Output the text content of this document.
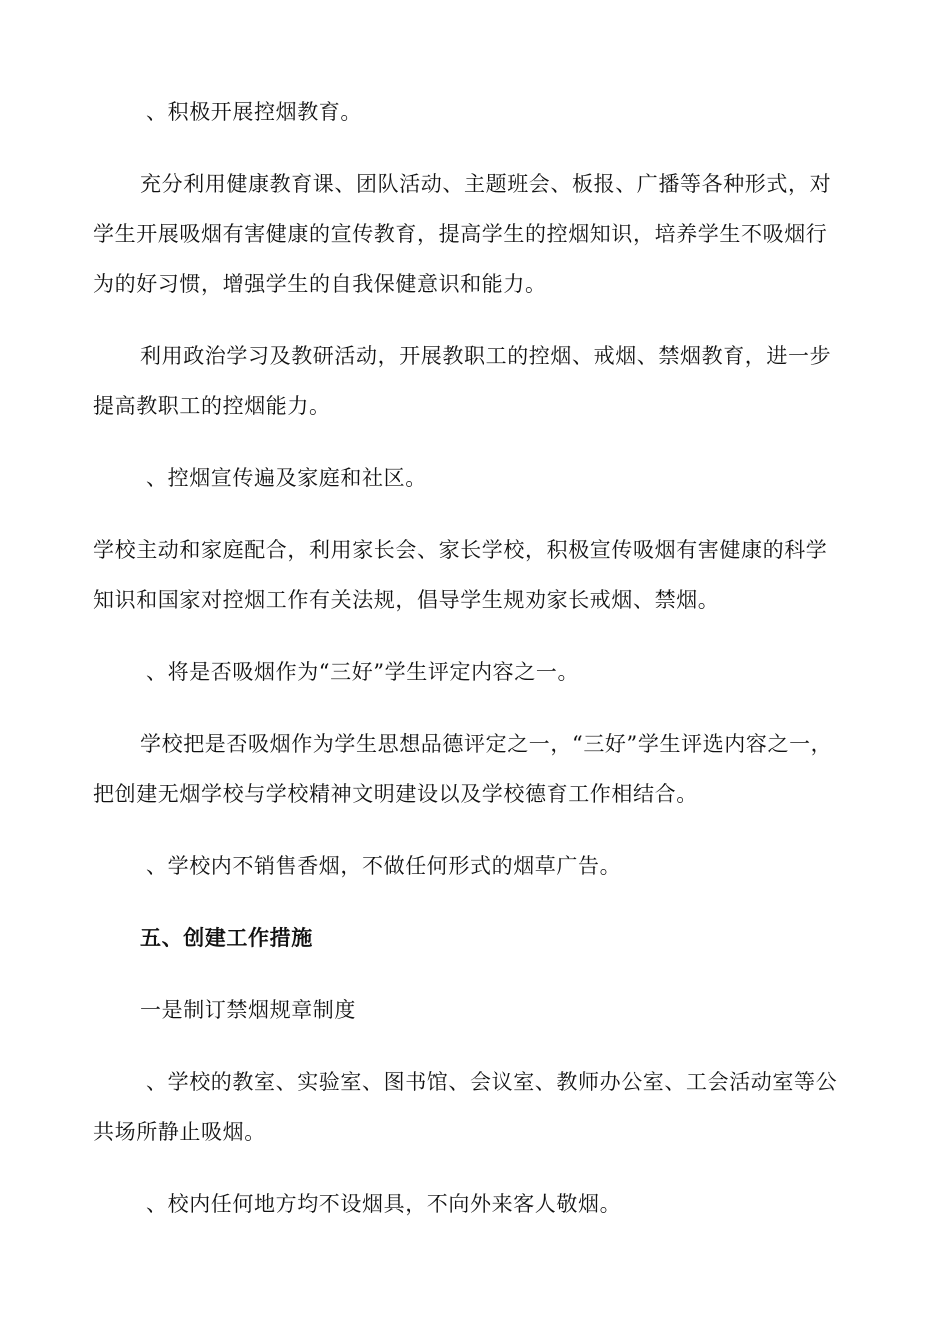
、积极开展控烟教育。
充分利用健康教育课、团队活动、主题班会、板报、广播等各种形式，对
学生开展吸烟有害健康的宣传教育，提高学生的控烟知识，培养学生不吸烟行
为的好习惯，增强学生的自我保健意识和能力。
利用政治学习及教研活动，开展教职工的控烟、戒烟、禁烟教育，进一步
提高教职工的控烟能力。
、控烟宣传遍及家庭和社区。
学校主动和家庭配合，利用家长会、家长学校，积极宣传吸烟有害健康的科学
知识和国家对控烟工作有关法规，倡导学生规劝家长戒烟、禁烟。
、将是否吸烟作为“三好”学生评定内容之一。
学校把是否吸烟作为学生思想品德评定之一，“三好”学生评选内容之一，
把创建无烟学校与学校精神文明建设以及学校德育工作相结合。
、学校内不销售香烟，不做任何形式的烟草广告。
五、创建工作措施
一是制订禁烟规章制度
、学校的教室、实验室、图书馆、会议室、教师办公室、工会活动室等公
共场所静止吸烟。
、校内任何地方均不设烟具，不向外来客人敬烟。
